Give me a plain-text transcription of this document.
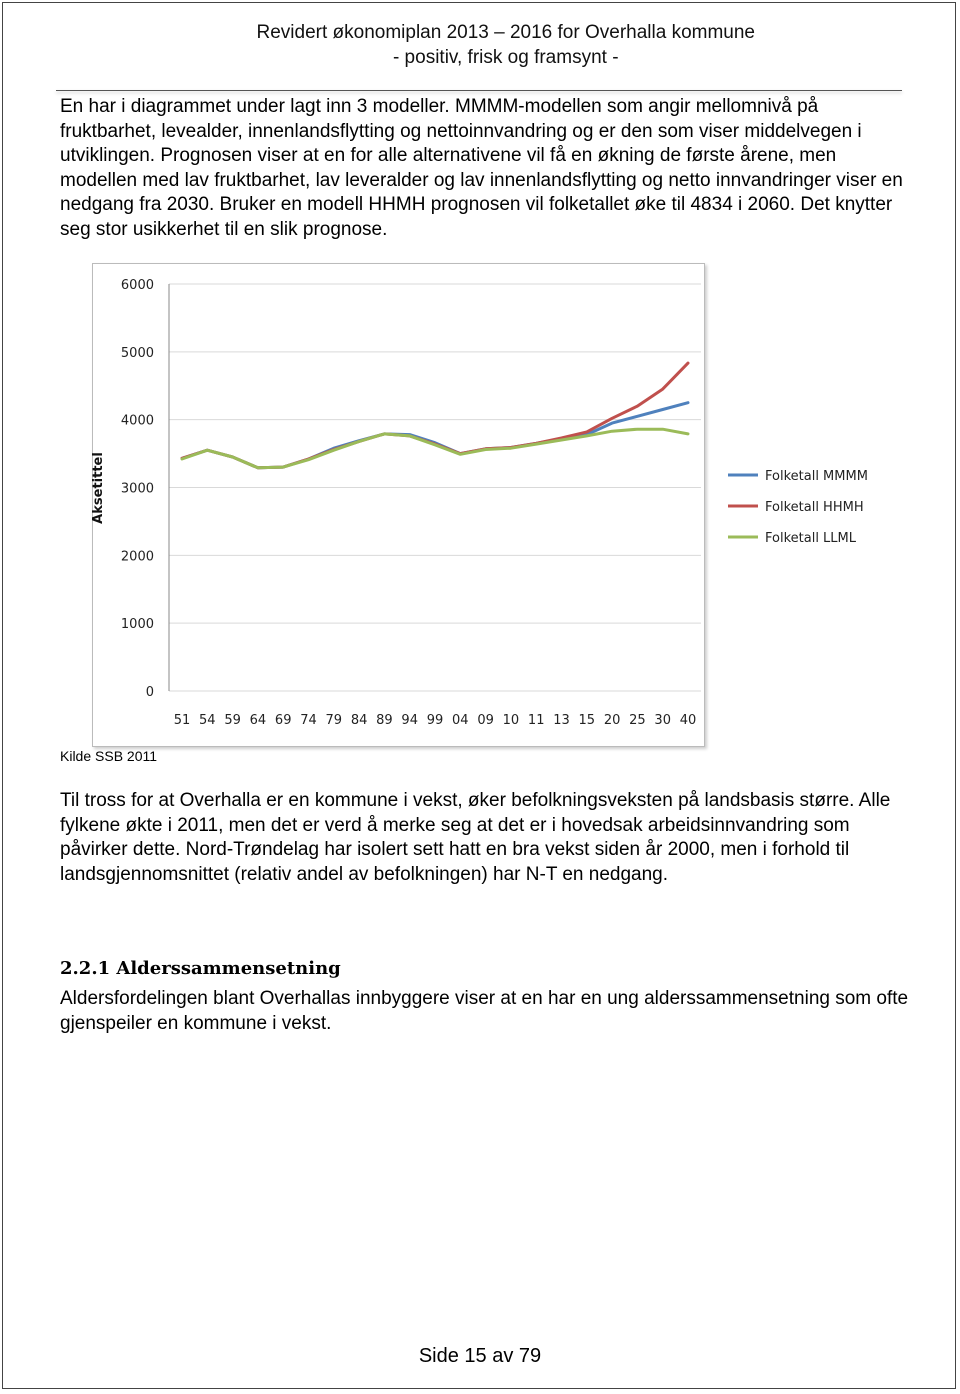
Revidert økonomiplan 2013 – 2016 for Overhalla kommune
- positiv, frisk og framsynt -

En har i diagrammet under lagt inn 3 modeller. MMMM-modellen som angir mellomnivå på fruktbarhet, levealder, innenlandsflytting og nettoinnvandring og er den som viser middelvegen i utviklingen. Prognosen viser at en for alle alternativene vil få en økning de første årene, men modellen med lav fruktbarhet, lav leveralder og lav innenlandsflytting og netto innvandringer viser en nedgang fra 2030. Bruker en modell HHMH prognosen vil folketallet øke til 4834 i 2060. Det knytter seg stor usikkerhet til en slik prognose.

0
1000
2000
3000
4000
5000
6000
51 54 59 64 69 74 79 84 89 94 99 04 09 10 11 13 15 20 25 30 40
Folketall MMMM
Folketall HHMH
Folketall LLML
Aksetittel
Kilde SSB 2011

Til tross for at Overhalla er en kommune i vekst, øker befolkningsveksten på landsbasis større. Alle fylkene økte i 2011, men det er verd å merke seg at det er i hovedsak arbeidsinnvandring som påvirker dette. Nord-Trøndelag har isolert sett hatt en bra vekst siden år 2000, men i forhold til landsgjennomsnittet (relativ andel av befolkningen) har N-T en nedgang.

2.2.1 Alderssammensetning

Aldersfordelingen blant Overhallas innbyggere viser at en har en ung alderssammensetning som ofte gjenspeiler en kommune i vekst.

Side 15 av 79
